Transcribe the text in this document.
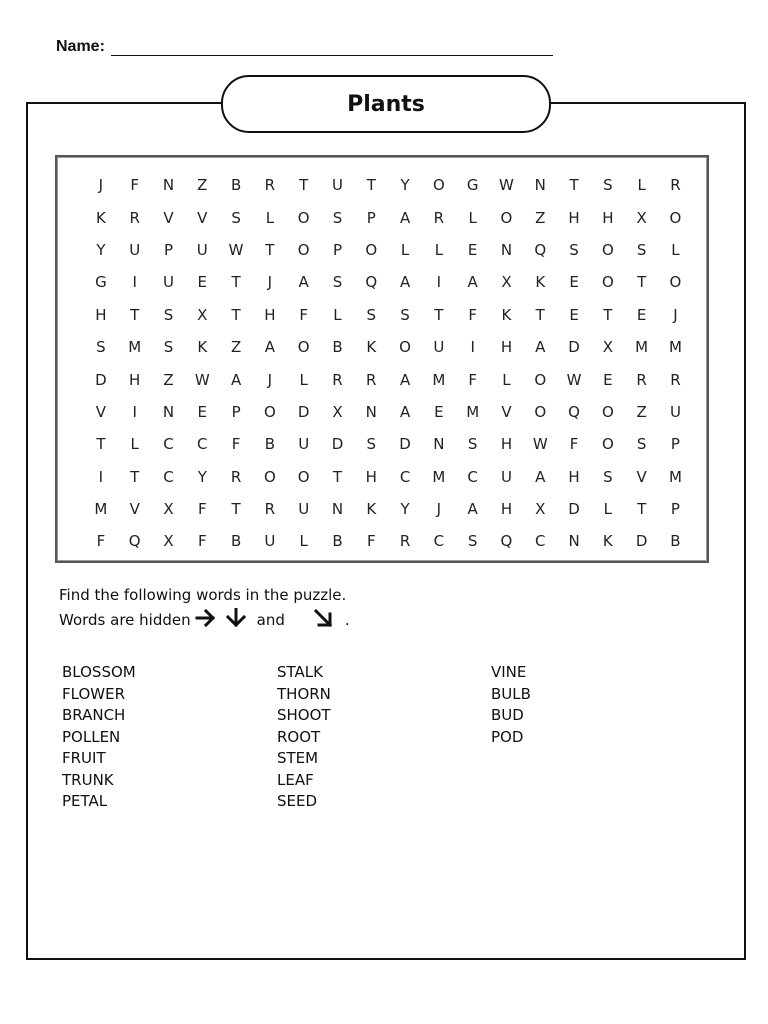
Name:
Plants
J	F	N	Z	B	R	T	U	T	Y	O	G	W	N	T	S	L	R
K	R	V	V	S	L	O	S	P	A	R	L	O	Z	H	H	X	O
Y	U	P	U	W	T	O	P	O	L	L	E	N	Q	S	O	S	L
G	I	U	E	T	J	A	S	Q	A	I	A	X	K	E	O	T	O
H	T	S	X	T	H	F	L	S	S	T	F	K	T	E	T	E	J
S	M	S	K	Z	A	O	B	K	O	U	I	H	A	D	X	M	M
D	H	Z	W	A	J	L	R	R	A	M	F	L	O	W	E	R	R
V	I	N	E	P	O	D	X	N	A	E	M	V	O	Q	O	Z	U
T	L	C	C	F	B	U	D	S	D	N	S	H	W	F	O	S	P
I	T	C	Y	R	O	O	T	H	C	M	C	U	A	H	S	V	M
M	V	X	F	T	R	U	N	K	Y	J	A	H	X	D	L	T	P
F	Q	X	F	B	U	L	B	F	R	C	S	Q	C	N	K	D	B
Find the following words in the puzzle.
Words are hidden	and	.
BLOSSOM
FLOWER
BRANCH
POLLEN
FRUIT
TRUNK
PETAL
STALK
THORN
SHOOT
ROOT
STEM
LEAF
SEED
VINE
BULB
BUD
POD
